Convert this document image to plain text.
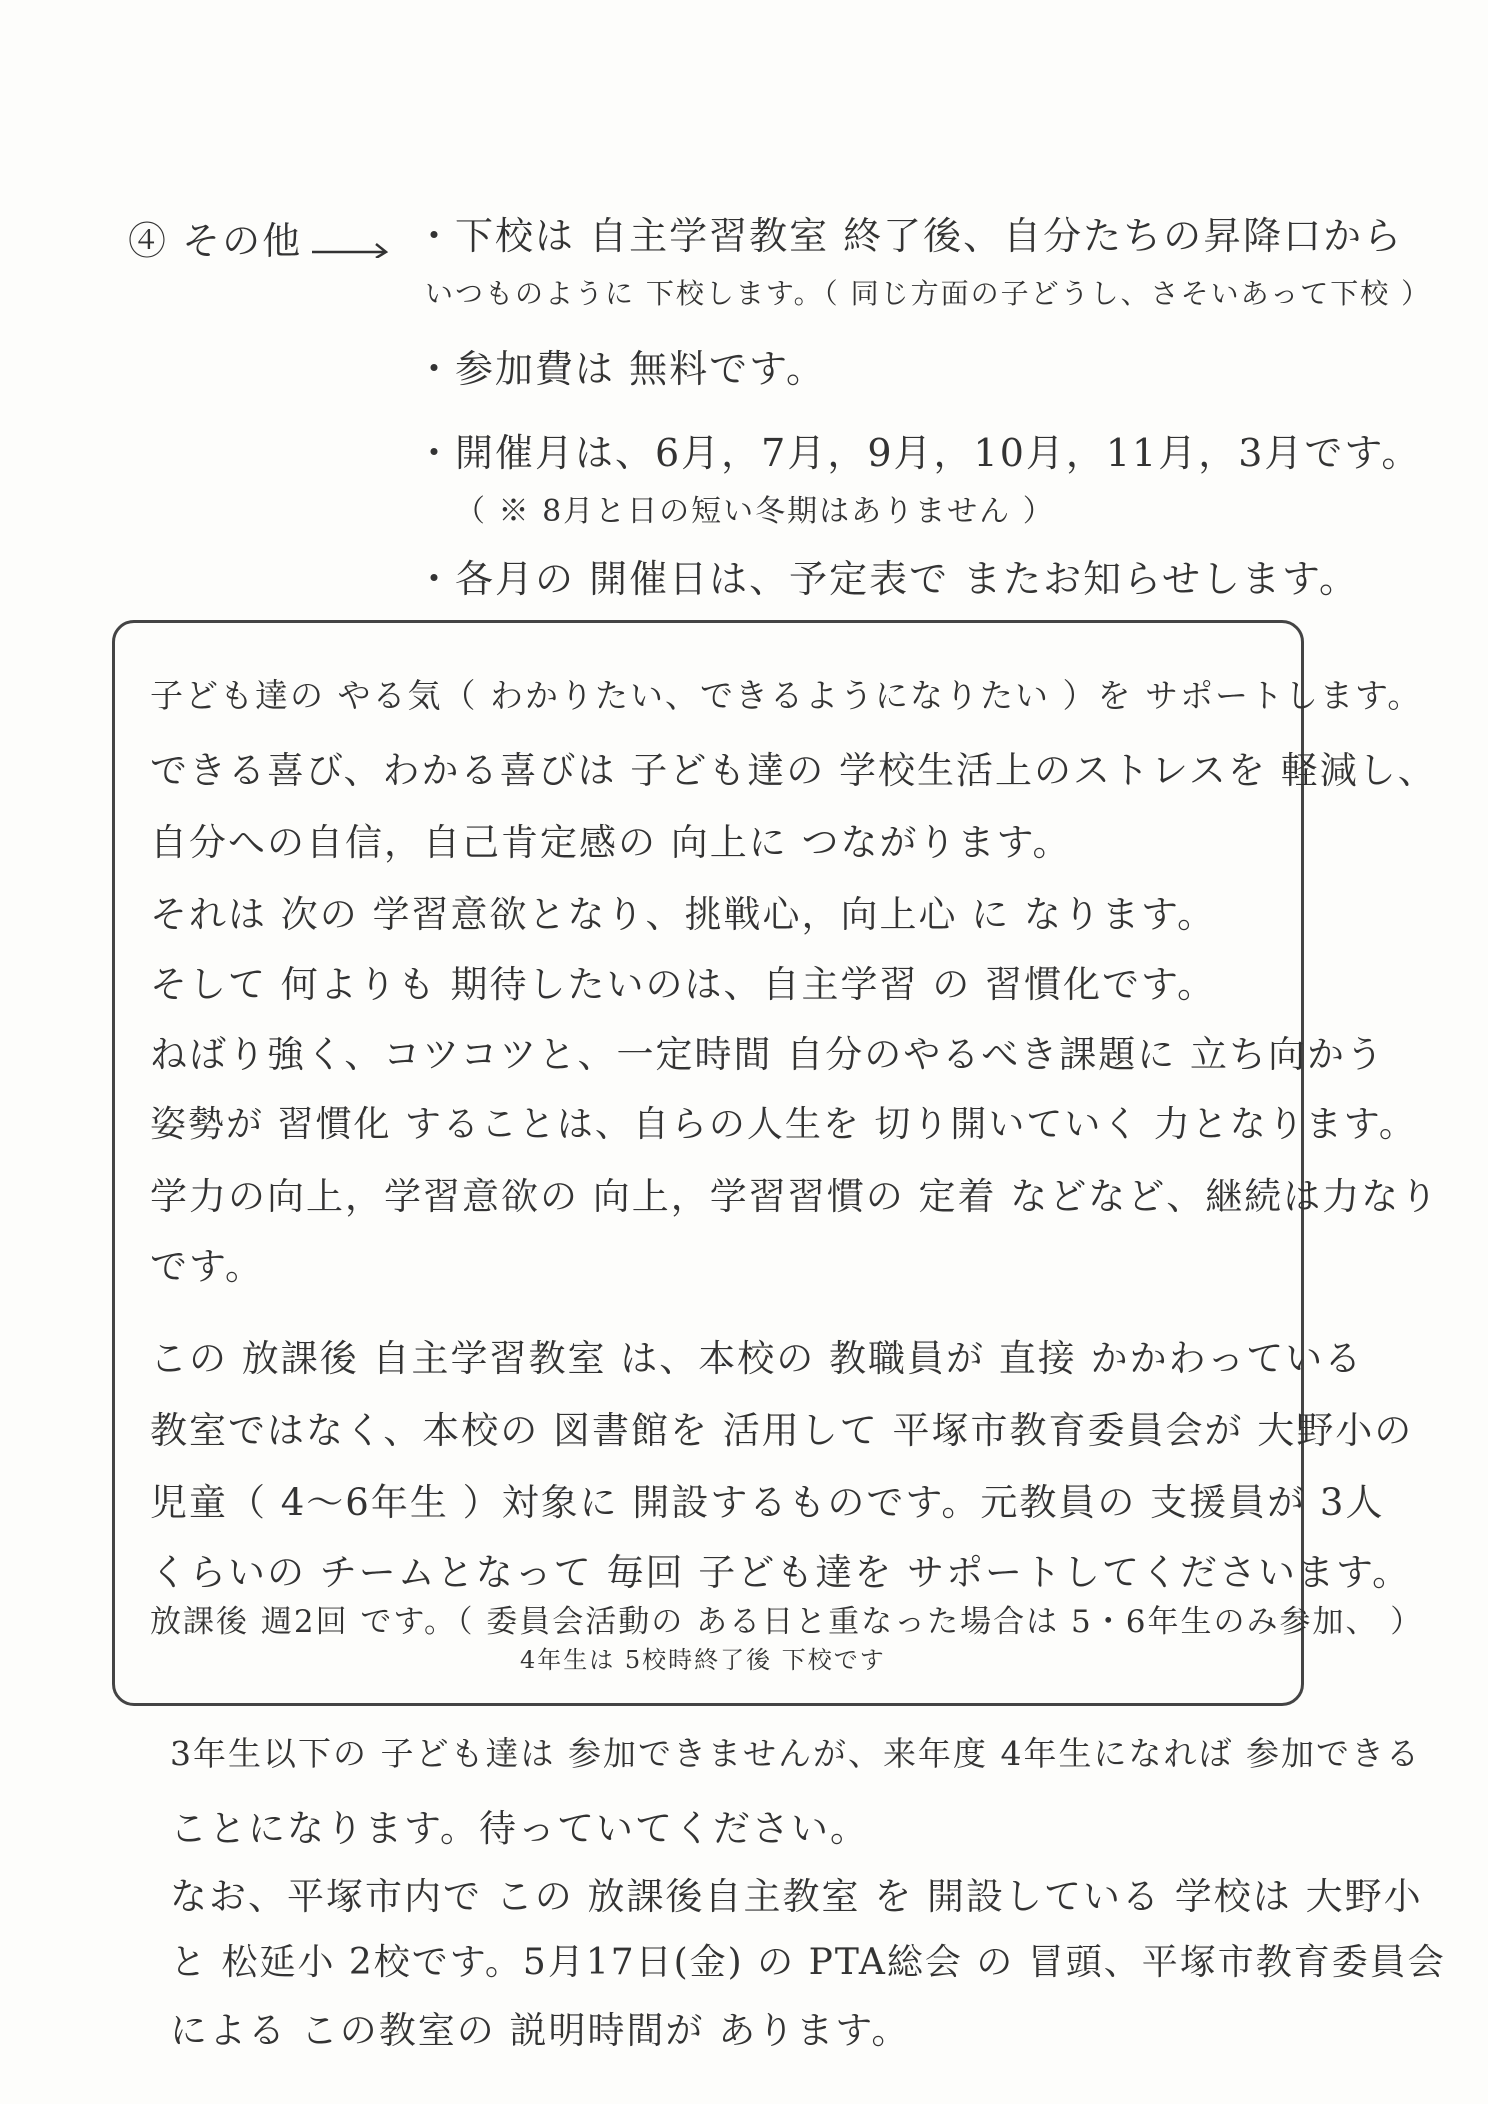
④ その他	・下校は 自主学習教室 終了後、自分たちの昇降口から
いつものように 下校します。（ 同じ方面の子どうし、さそいあって下校 ）
・参加費は 無料です。
・開催月は、6月，7月，9月，10月，11月，3月です。
（ ※ 8月と日の短い冬期はありません ）
・各月の 開催日は、予定表で またお知らせします。
子ども達の やる気（ わかりたい、できるようになりたい ）を サポートします。
できる喜び、わかる喜びは 子ども達の 学校生活上のストレスを 軽減し、
自分への自信，自己肯定感の 向上に つながります。
それは 次の 学習意欲となり、挑戦心，向上心 に なります。
そして 何よりも 期待したいのは、自主学習 の 習慣化です。
ねばり強く、コツコツと、一定時間 自分のやるべき課題に 立ち向かう
姿勢が 習慣化 することは、自らの人生を 切り開いていく 力となります。
学力の向上，学習意欲の 向上，学習習慣の 定着 などなど、継続は力なり
です。
この 放課後 自主学習教室 は、本校の 教職員が 直接 かかわっている
教室ではなく、本校の 図書館を 活用して 平塚市教育委員会が 大野小の
児童（ 4〜6年生 ）対象に 開設するものです。元教員の 支援員が 3人
くらいの チームとなって 毎回 子ども達を サポートしてくださいます。
放課後 週2回 です。（ 委員会活動の ある日と重なった場合は 5・6年生のみ参加、 ）
4年生は 5校時終了後 下校です
3年生以下の 子ども達は 参加できませんが、来年度 4年生になれば 参加できる
ことになります。待っていてください。
なお、平塚市内で この 放課後自主教室 を 開設している 学校は 大野小
と 松延小 2校です。5月17日(金) の PTA総会 の 冒頭、平塚市教育委員会
による この教室の 説明時間が あります。
